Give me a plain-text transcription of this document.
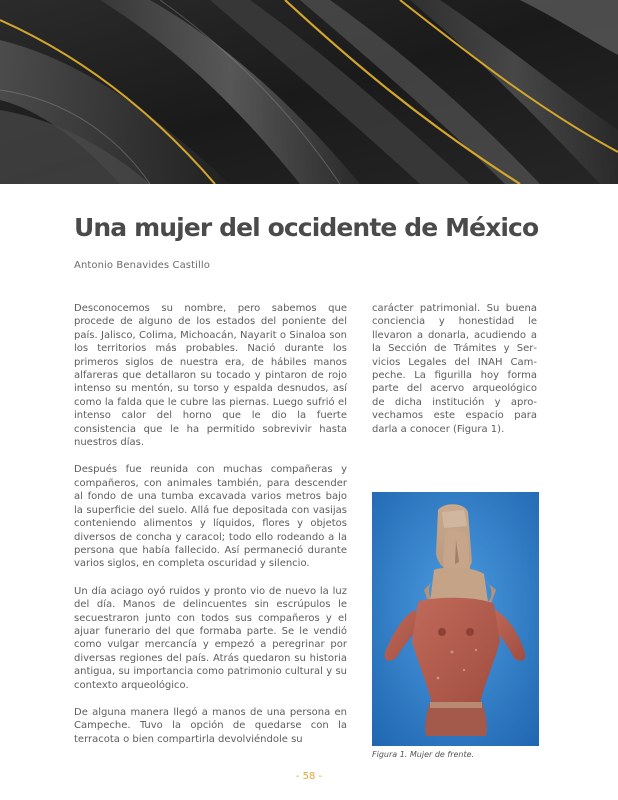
Una mujer del occidente de México
Antonio Benavides Castillo

Desconocemos su nombre, pero sabemos que procede de alguno de los estados del poniente del país. Jalisco, Colima, Michoacán, Nayarit o Sinaloa son los territorios más probables. Nació durante los primeros siglos de nuestra era, de hábiles manos alfareras que detallaron su tocado y pintaron de rojo intenso su mentón, su torso y espalda desnudos, así como la falda que le cubre las piernas. Luego sufrió el intenso calor del horno que le dio la fuerte consistencia que le ha permitido sobrevivir hasta nuestros días.

Después fue reunida con muchas compañeras y compañeros, con animales también, para descender al fondo de una tumba excavada varios metros bajo la superficie del suelo. Allá fue depositada con vasijas conteniendo alimentos y líquidos, flores y objetos diversos de concha y caracol; todo ello rodeando a la persona que había fallecido. Así permaneció durante varios siglos, en completa oscuridad y silencio.

Un día aciago oyó ruidos y pronto vio de nuevo la luz del día. Manos de delincuentes sin escrúpulos le secuestraron junto con todos sus compañeros y el ajuar funerario del que formaba parte. Se le vendió como vulgar mercancía y empezó a peregrinar por diversas regiones del país. Atrás quedaron su historia antigua, su importancia como patrimonio cultural y su contexto arqueológico.

De alguna manera llegó a manos de una persona en Campeche. Tuvo la opción de quedarse con la terracota o bien compartirla devolviéndole su

carácter patrimonial. Su buena conciencia y honestidad le llevaron a donarla, acudiendo a la Sección de Trámites y Servicios Legales del INAH Campeche. La figurilla hoy forma parte del acervo arqueológico de dicha institución y aprovechamos este espacio para darla a conocer (Figura 1).

Figura 1. Mujer de frente.
- 58 -
